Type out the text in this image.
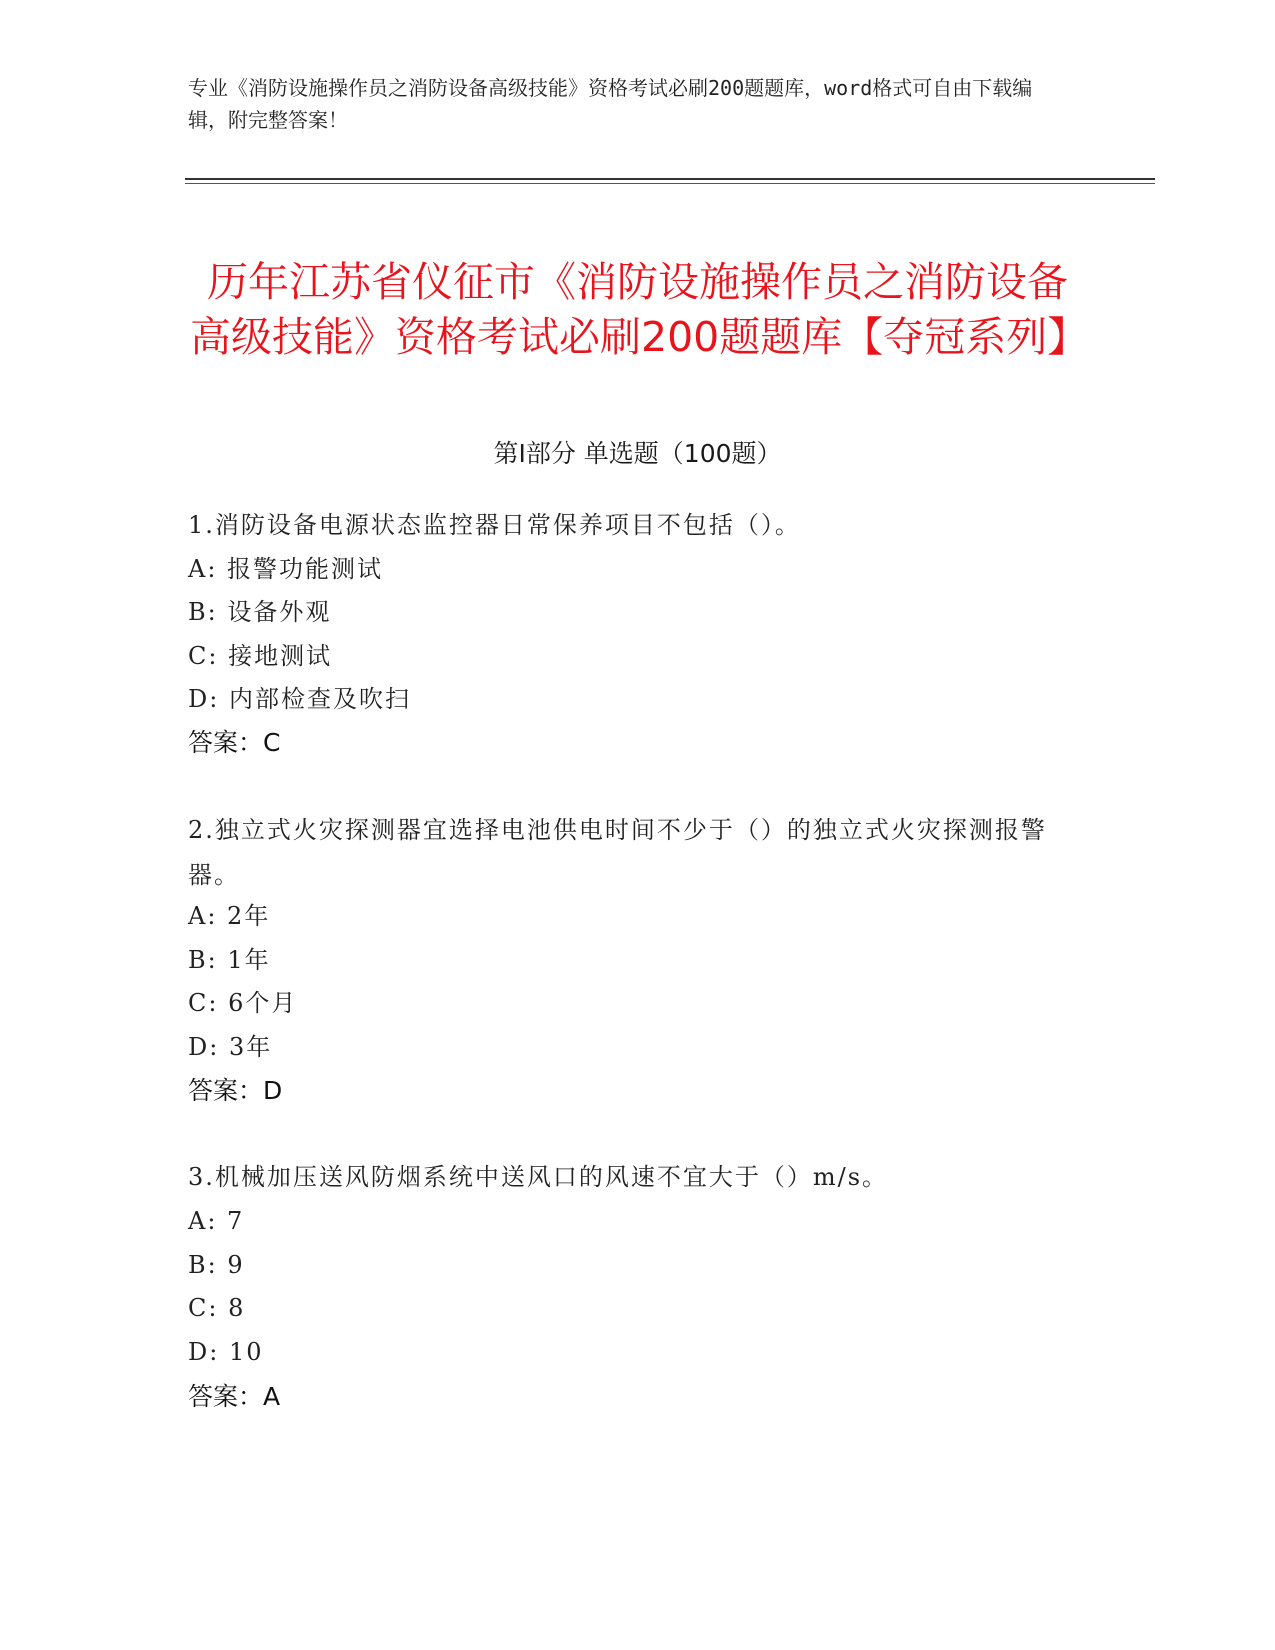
专业《消防设施操作员之消防设备高级技能》资格考试必刷200题题库，word格式可自由下载编辑，附完整答案！
历年江苏省仪征市《消防设施操作员之消防设备高级技能》资格考试必刷200题题库【夺冠系列】
第Ⅰ部分 单选题（100题）
1.消防设备电源状态监控器日常保养项目不包括（）。
A: 报警功能测试
B: 设备外观
C: 接地测试
D: 内部检查及吹扫
答案：C
2.独立式火灾探测器宜选择电池供电时间不少于（）的独立式火灾探测报警器。
A: 2年
B: 1年
C: 6个月
D: 3年
答案：D
3.机械加压送风防烟系统中送风口的风速不宜大于（）m/s。
A: 7
B: 9
C: 8
D: 10
答案：A
